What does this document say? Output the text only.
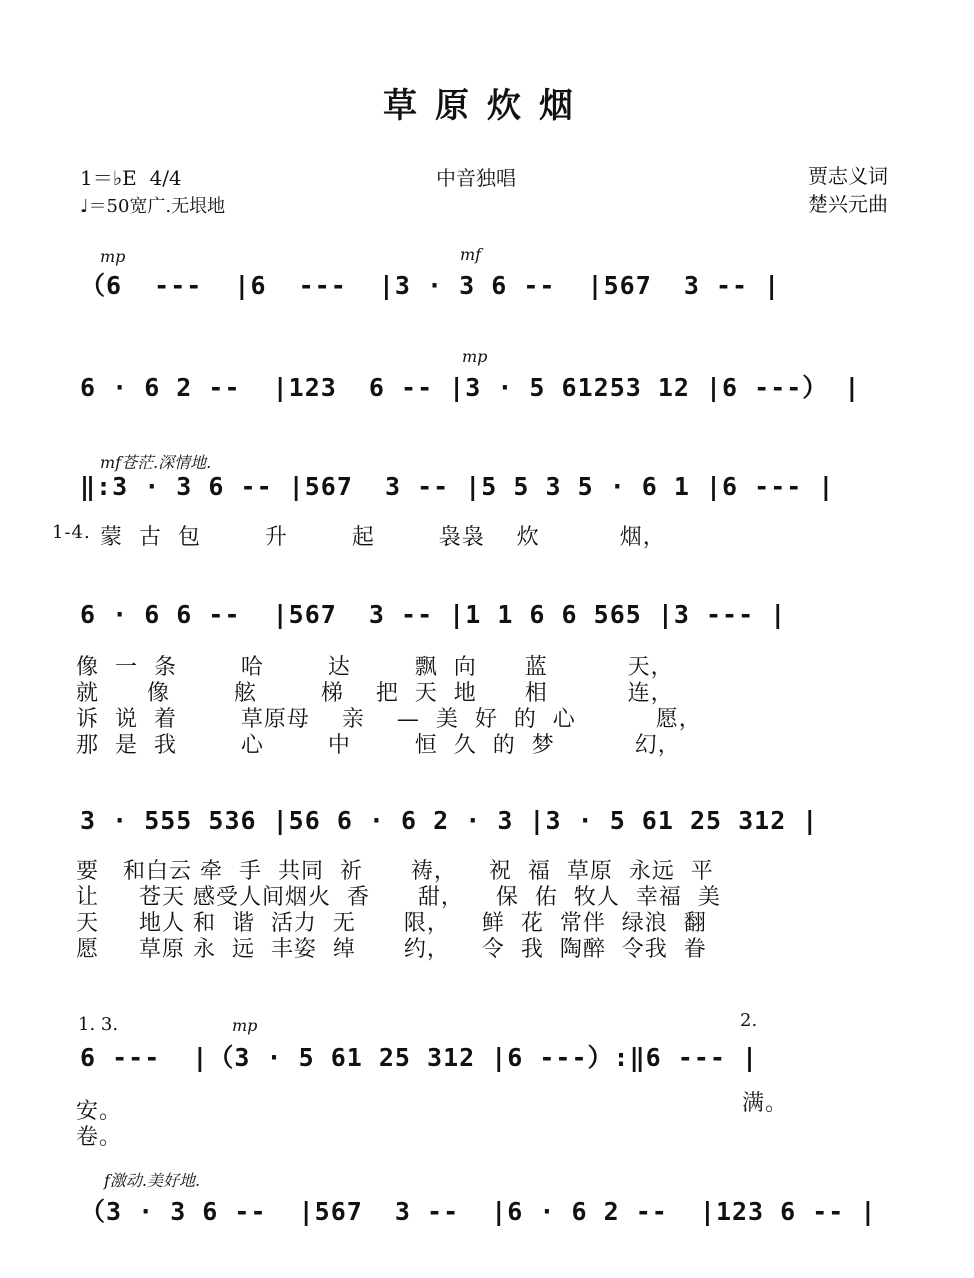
草原炊烟
1＝♭E  4/4
♩＝50宽广.无垠地
中音独唱	贾志义词
楚兴元曲
mp	mf
（6  ---  |6  ---  |3 · 3 6 --  |567  3 -- |
mp
6 · 6 2 --  |123  6 -- |3 · 5 61253 12 |6 ---） |
mf苍茫.深情地.
‖:3 · 3 6 -- |567  3 -- |5 5 3 5 · 6 1 |6 --- |
1-4. 蒙  古  包        升        起        袅袅    炊          烟，
6 · 6 6 --  |567  3 -- |1 1 6 6 565 |3 --- |
像  一  条        哈        达        飘  向      蓝          天，
就      像        舷        梯    把  天  地      相          连，
诉  说  着        草原母    亲    —  美  好  的  心          愿，
那  是  我        心        中        恒  久  的  梦          幻，
3 · 555 536 |56 6 · 6 2 · 3 |3 · 5 61 25 312 |
要   和白云 牵  手  共同  祈      祷，    祝  福  草原  永远  平
让     苍天 感受人间烟火  香      甜，    保  佑  牧人  幸福  美
天     地人 和  谐  活力  无      限，    鲜  花  常伴  绿浪  翻
愿     草原 永  远  丰姿  绰      约，    令  我  陶醉  令我  眷
1. 3.	mp	2.
6 ---  |（3 · 5 61 25 312 |6 ---）:‖6 --- |
安。
卷。
满。
f激动.美好地.
（3 · 3 6 --  |567  3 --  |6 · 6 2 --  |123 6 -- |
